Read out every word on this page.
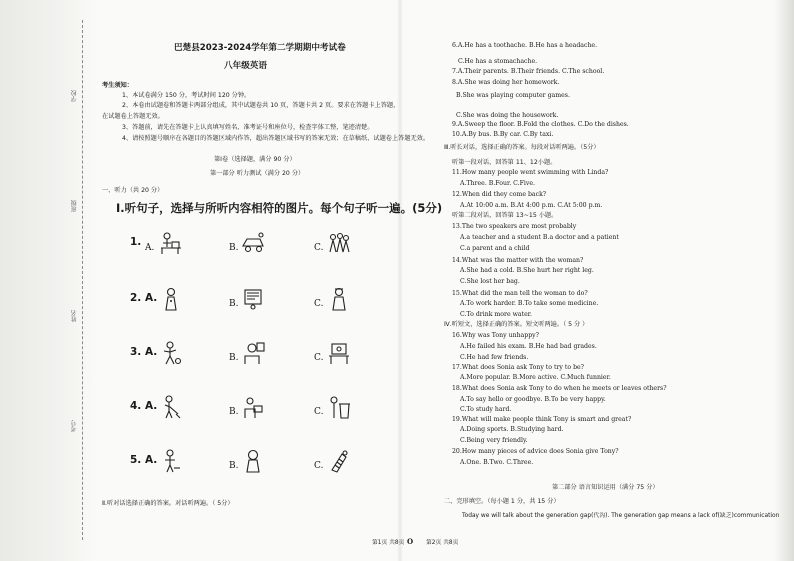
学校
班级
姓名
考号
巴楚县2023-2024学年第二学期期中考试卷
八年级英语
考生须知：
1、本试卷满分 150 分，考试时间 120 分钟。
2、本卷由试题卷和答题卡两部分组成，其中试题卷共 10 页，答题卡共 2 页。要求在答题卡上答题，
在试题卷上答题无效。
3、答题前，请先在答题卡上认真填写姓名、准考证号和座位号，检查字体工整，笔迹清楚。
4、请按照题号顺序在各题目的答题区域内作答，超出答题区域书写的答案无效；在草稿纸、试题卷上答题无效。
第Ⅰ卷（选择题，满分 90 分）
第一部分 听力测试（满分 20 分）
一、听力（共 20 分）
Ⅰ.听句子，选择与所听内容相符的图片。每个句子听一遍。(5分)
1. A.	B.	C.
2. A.	B.	C.
3. A.	B.	C.
4. A.	B.	C.
5. A.	B.	C.
Ⅱ.听对话选择正确的答案。对话听两遍。（ 5分）
第1页 共8页 O 第2页 共8页
6.A.He has a toothache. B.He has a headache.
C.He has a stomachache.
7.A.Their parents. B.Their friends. C.The school.
8.A.She was doing her homework.
B.She was playing computer games.
C.She was doing the housework.
9.A.Sweep the floor. B.Fold the clothes. C.Do the dishes.
10.A.By bus. B.By car. C.By taxi.
Ⅲ.听长对话，选择正确的答案。每段对话听两遍。（5分）
听第一段对话，回答第 11、12小题。
11.How many people went swimming with Linda?
A.Three. B.Four. C.Five.
12.When did they come back?
A.At 10:00 a.m. B.At 4:00 p.m. C.At 5:00 p.m.
听第二段对话，回答第 13~15 小题。
13.The two speakers are most probably
A.a teacher and a student B.a doctor and a patient
C.a parent and a child
14.What was the matter with the woman?
A.She had a cold. B.She hurt her right leg.
C.She lost her bag.
15.What did the man tell the woman to do?
A.To work harder. B.To take some medicine.
C.To drink more water.
Ⅳ.听短文，选择正确的答案。短文听两遍。（ 5 分 ）
16.Why was Tony unhappy?
A.He failed his exam. B.He had bad grades.
C.He had few friends.
17.What does Sonia ask Tony to try to be?
A.More popular. B.More active. C.Much funnier.
18.What does Sonia ask Tony to do when he meets or leaves others?
A.To say hello or goodbye. B.To be very happy.
C.To study hard.
19.What will make people think Tony is smart and great?
A.Doing sports. B.Studying hard.
C.Being very friendly.
20.How many pieces of advice does Sonia give Tony?
A.One. B.Two. C.Three.
第二部分 语言知识运用（满分 75 分）
二、完形填空。（每小题 1 分，共 15 分）
Today we will talk about the generation gap(代沟). The generation gap means a lack of(缺乏)communication
